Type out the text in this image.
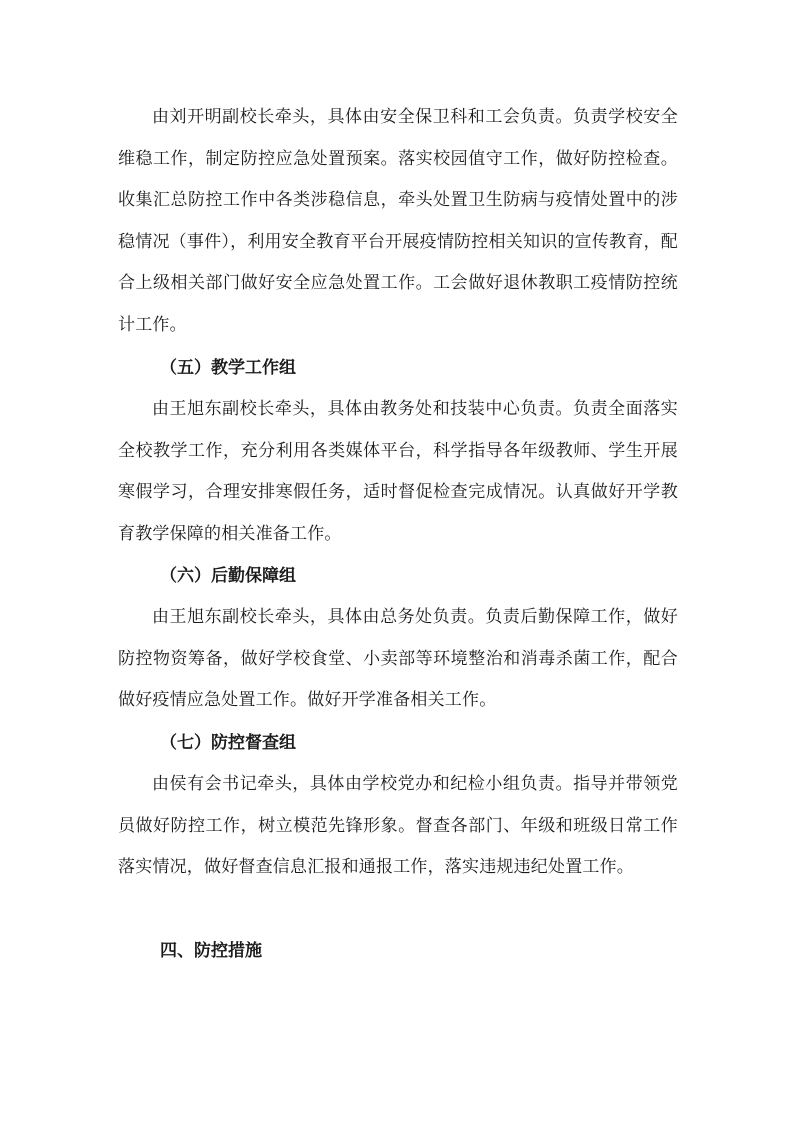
由刘开明副校长牵头，具体由安全保卫科和工会负责。负责学校安全维稳工作，制定防控应急处置预案。落实校园值守工作，做好防控检查。收集汇总防控工作中各类涉稳信息，牵头处置卫生防病与疫情处置中的涉稳情况（事件），利用安全教育平台开展疫情防控相关知识的宣传教育，配合上级相关部门做好安全应急处置工作。工会做好退休教职工疫情防控统计工作。

（五）教学工作组

由王旭东副校长牵头，具体由教务处和技装中心负责。负责全面落实全校教学工作，充分利用各类媒体平台，科学指导各年级教师、学生开展寒假学习，合理安排寒假任务，适时督促检查完成情况。认真做好开学教育教学保障的相关准备工作。

（六）后勤保障组

由王旭东副校长牵头，具体由总务处负责。负责后勤保障工作，做好防控物资筹备，做好学校食堂、小卖部等环境整治和消毒杀菌工作，配合做好疫情应急处置工作。做好开学准备相关工作。

（七）防控督查组

由侯有会书记牵头，具体由学校党办和纪检小组负责。指导并带领党员做好防控工作，树立模范先锋形象。督查各部门、年级和班级日常工作落实情况，做好督查信息汇报和通报工作，落实违规违纪处置工作。

四、防控措施
